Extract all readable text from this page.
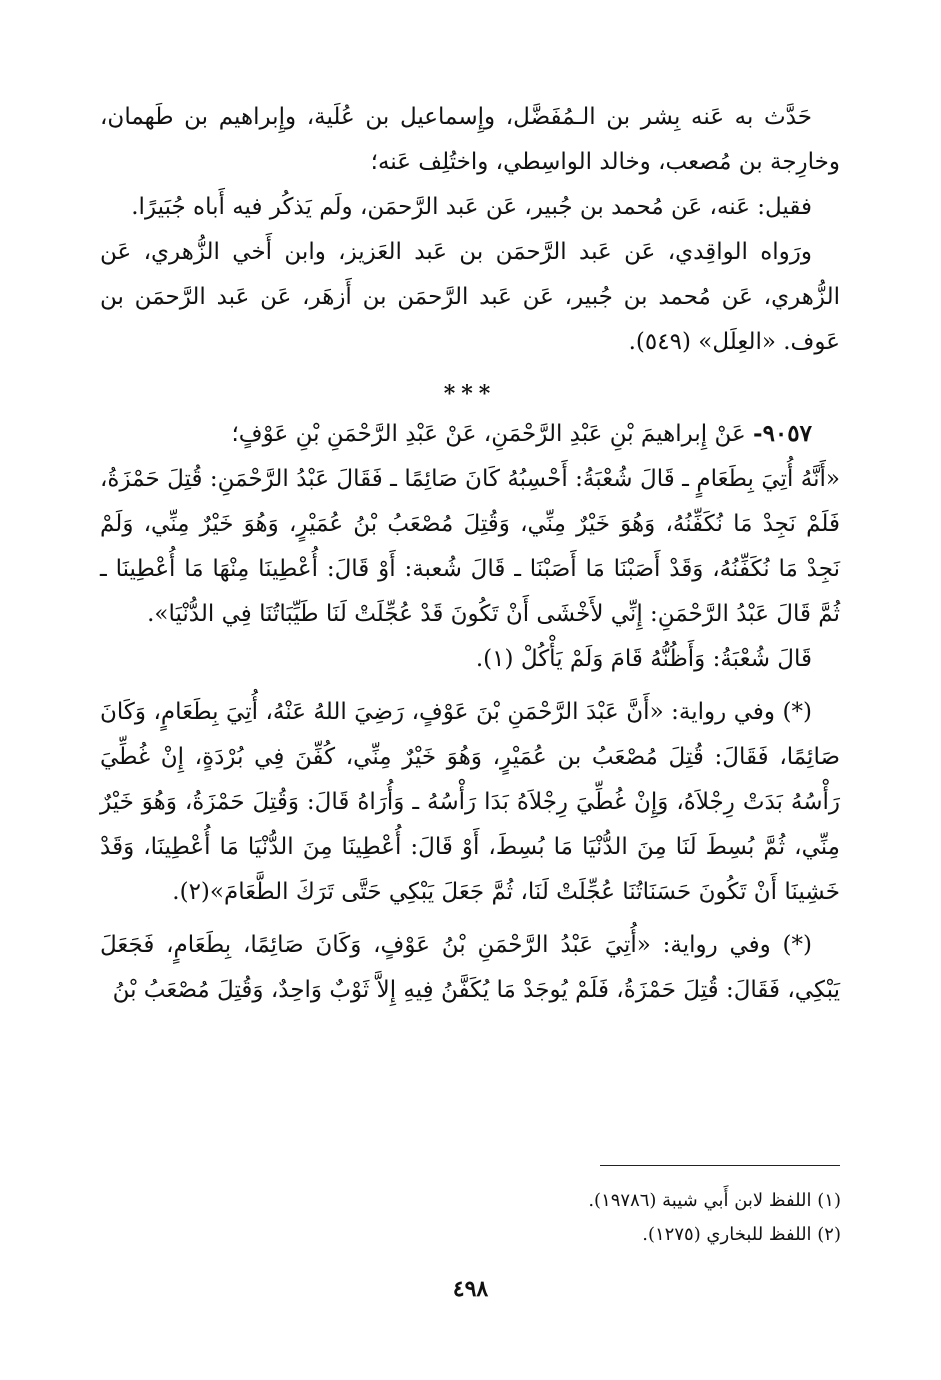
حَدَّث به عَنه بِشر بن الـمُفَضَّل، وإِسماعيل بن عُلَية، وإِبراهيم بن طَهمان، وخارِجة بن مُصعب، وخالد الواسِطي، واختُلِف عَنه؛

فقيل: عَنه، عَن مُحمد بن جُبير، عَن عَبد الرَّحمَن، ولَم يَذكُر فيه أَباه جُبَيرًا.

ورَواه الواقِدي، عَن عَبد الرَّحمَن بن عَبد العَزيز، وابن أَخي الزُّهري، عَن الزُّهري، عَن مُحمد بن جُبير، عَن عَبد الرَّحمَن بن أَزهَر، عَن عَبد الرَّحمَن بن عَوف. «العِلَل» (٥٤٩).

***

٩٠٥٧- عَنْ إِبراهيمَ بْنِ عَبْدِ الرَّحْمَنِ، عَنْ عَبْدِ الرَّحْمَنِ بْنِ عَوْفٍ؛

«أَنَّهُ أُتِيَ بِطَعَامٍ ـ قَالَ شُعْبَةُ: أَحْسِبُهُ كَانَ صَائِمًا ـ فَقَالَ عَبْدُ الرَّحْمَنِ: قُتِلَ حَمْزَةُ، فَلَمْ نَجِدْ مَا نُكَفِّنُهُ، وَهُوَ خَيْرٌ مِنِّي، وَقُتِلَ مُصْعَبُ بْنُ عُمَيْرٍ، وَهُوَ خَيْرٌ مِنِّي، وَلَمْ نَجِدْ مَا نُكَفِّنُهُ، وَقَدْ أَصَبْنَا مَا أَصَبْنَا ـ قَالَ شُعبة: أَوْ قَالَ: أُعْطِينَا مِنْهَا مَا أُعْطِينَا ـ ثُمَّ قَالَ عَبْدُ الرَّحْمَنِ: إِنِّي لأَخْشَى أَنْ تَكُونَ قَدْ عُجِّلَتْ لَنَا طَيِّبَاتُنَا فِي الدُّنْيَا».

قَالَ شُعْبَةُ: وَأَظُنُّهُ قَامَ وَلَمْ يَأْكُلْ (١).

(*) وفي رواية: «أَنَّ عَبْدَ الرَّحْمَنِ بْنَ عَوْفٍ، رَضِيَ اللهُ عَنْهُ، أُتِيَ بِطَعَامٍ، وَكَانَ صَائِمًا، فَقَالَ: قُتِلَ مُصْعَبُ بن عُمَيْرٍ، وَهُوَ خَيْرٌ مِنِّي، كُفِّنَ فِي بُرْدَةٍ، إِنْ غُطِّيَ رَأْسُهُ بَدَتْ رِجْلاَهُ، وَإِنْ غُطِّيَ رِجْلاَهُ بَدَا رَأْسُهُ ـ وَأُرَاهُ قَالَ: وَقُتِلَ حَمْزَةُ، وَهُوَ خَيْرٌ مِنِّي، ثُمَّ بُسِطَ لَنَا مِنَ الدُّنْيَا مَا بُسِطَ، أَوْ قَالَ: أُعْطِينَا مِنَ الدُّنْيَا مَا أُعْطِينَا، وَقَدْ خَشِينَا أَنْ تَكُونَ حَسَنَاتُنَا عُجِّلَتْ لَنَا، ثُمَّ جَعَلَ يَبْكِي حَتَّى تَرَكَ الطَّعَامَ»(٢).

(*) وفي رواية: «أُتِيَ عَبْدُ الرَّحْمَنِ بْنُ عَوْفٍ، وَكَانَ صَائِمًا، بِطَعَامٍ، فَجَعَلَ يَبْكِي، فَقَالَ: قُتِلَ حَمْزَةُ، فَلَمْ يُوجَدْ مَا يُكَفَّنُ فِيهِ إِلاَّ ثَوْبٌ وَاحِدٌ، وَقُتِلَ مُصْعَبُ بْنُ

(١) اللفظ لابن أَبي شيبة (١٩٧٨٦).
(٢) اللفظ للبخاري (١٢٧٥).
٤٩٨
